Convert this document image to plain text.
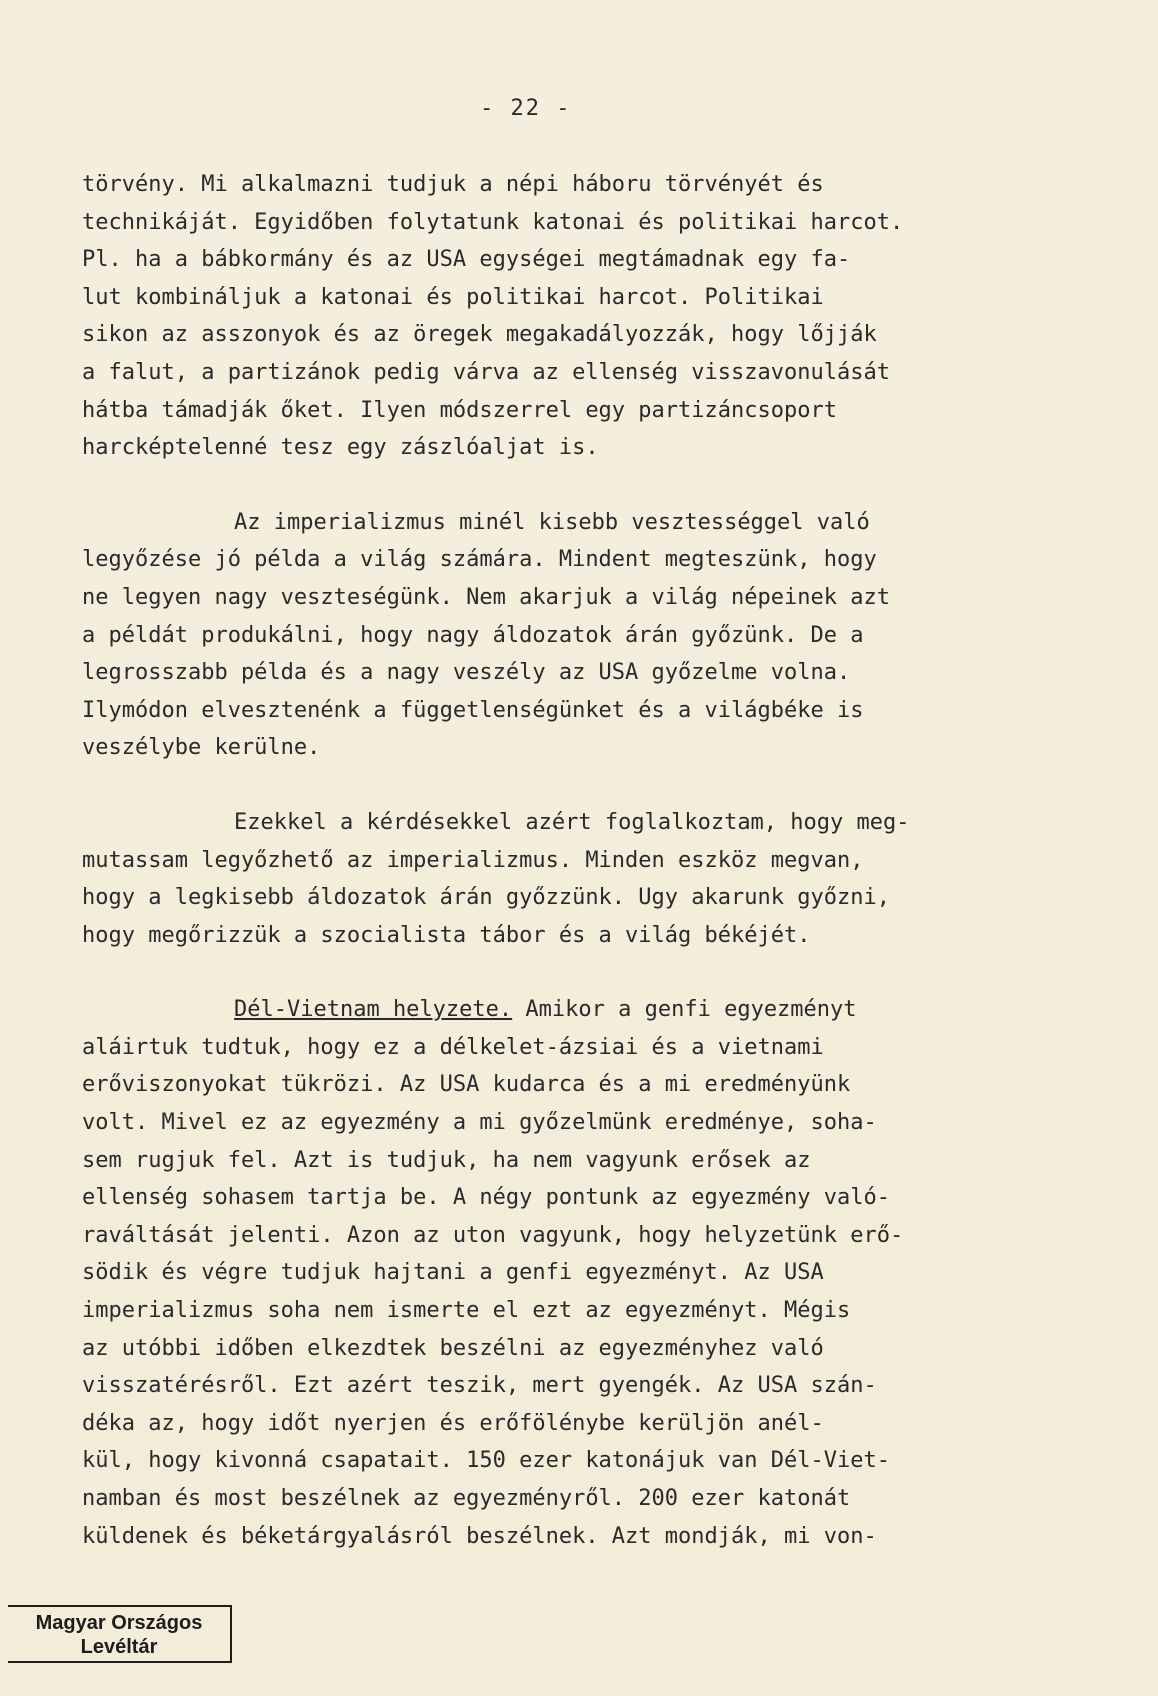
- 22 -
törvény. Mi alkalmazni tudjuk a népi háboru törvényét és
technikáját. Egyidőben folytatunk katonai és politikai harcot.
Pl. ha a bábkormány és az USA egységei megtámadnak egy fa-
lut kombináljuk a katonai és politikai harcot. Politikai
sikon az asszonyok és az öregek megakadályozzák, hogy lőjják
a falut, a partizánok pedig várva az ellenség visszavonulását
hátba támadják őket. Ilyen módszerrel egy partizáncsoport
harcképtelenné tesz egy zászlóaljat is.
Az imperializmus minél kisebb vesztességgel való
legyőzése jó példa a világ számára. Mindent megteszünk, hogy
ne legyen nagy veszteségünk. Nem akarjuk a világ népeinek azt
a példát produkálni, hogy nagy áldozatok árán győzünk. De a
legrosszabb példa és a nagy veszély az USA győzelme volna.
Ilymódon elvesztenénk a függetlenségünket és a világbéke is
veszélybe kerülne.
Ezekkel a kérdésekkel azért foglalkoztam, hogy meg-
mutassam legyőzhető az imperializmus. Minden eszköz megvan,
hogy a legkisebb áldozatok árán győzzünk. Ugy akarunk győzni,
hogy megőrizzük a szocialista tábor és a világ békéjét.
Dél-Vietnam helyzete. Amikor a genfi egyezményt
aláirtuk tudtuk, hogy ez a délkelet-ázsiai és a vietnami
erőviszonyokat tükrözi. Az USA kudarca és a mi eredményünk
volt. Mivel ez az egyezmény a mi győzelmünk eredménye, soha-
sem rugjuk fel. Azt is tudjuk, ha nem vagyunk erősek az
ellenség sohasem tartja be. A négy pontunk az egyezmény való-
raváltását jelenti. Azon az uton vagyunk, hogy helyzetünk erő-
södik és végre tudjuk hajtani a genfi egyezményt. Az USA
imperializmus soha nem ismerte el ezt az egyezményt. Mégis
az utóbbi időben elkezdtek beszélni az egyezményhez való
visszatérésről. Ezt azért teszik, mert gyengék. Az USA szán-
déka az, hogy időt nyerjen és erőfölénybe kerüljön anél-
kül, hogy kivonná csapatait. 150 ezer katonájuk van Dél-Viet-
namban és most beszélnek az egyezményről. 200 ezer katonát
küldenek és béketárgyalásról beszélnek. Azt mondják, mi von-
Magyar Országos
Levéltár
